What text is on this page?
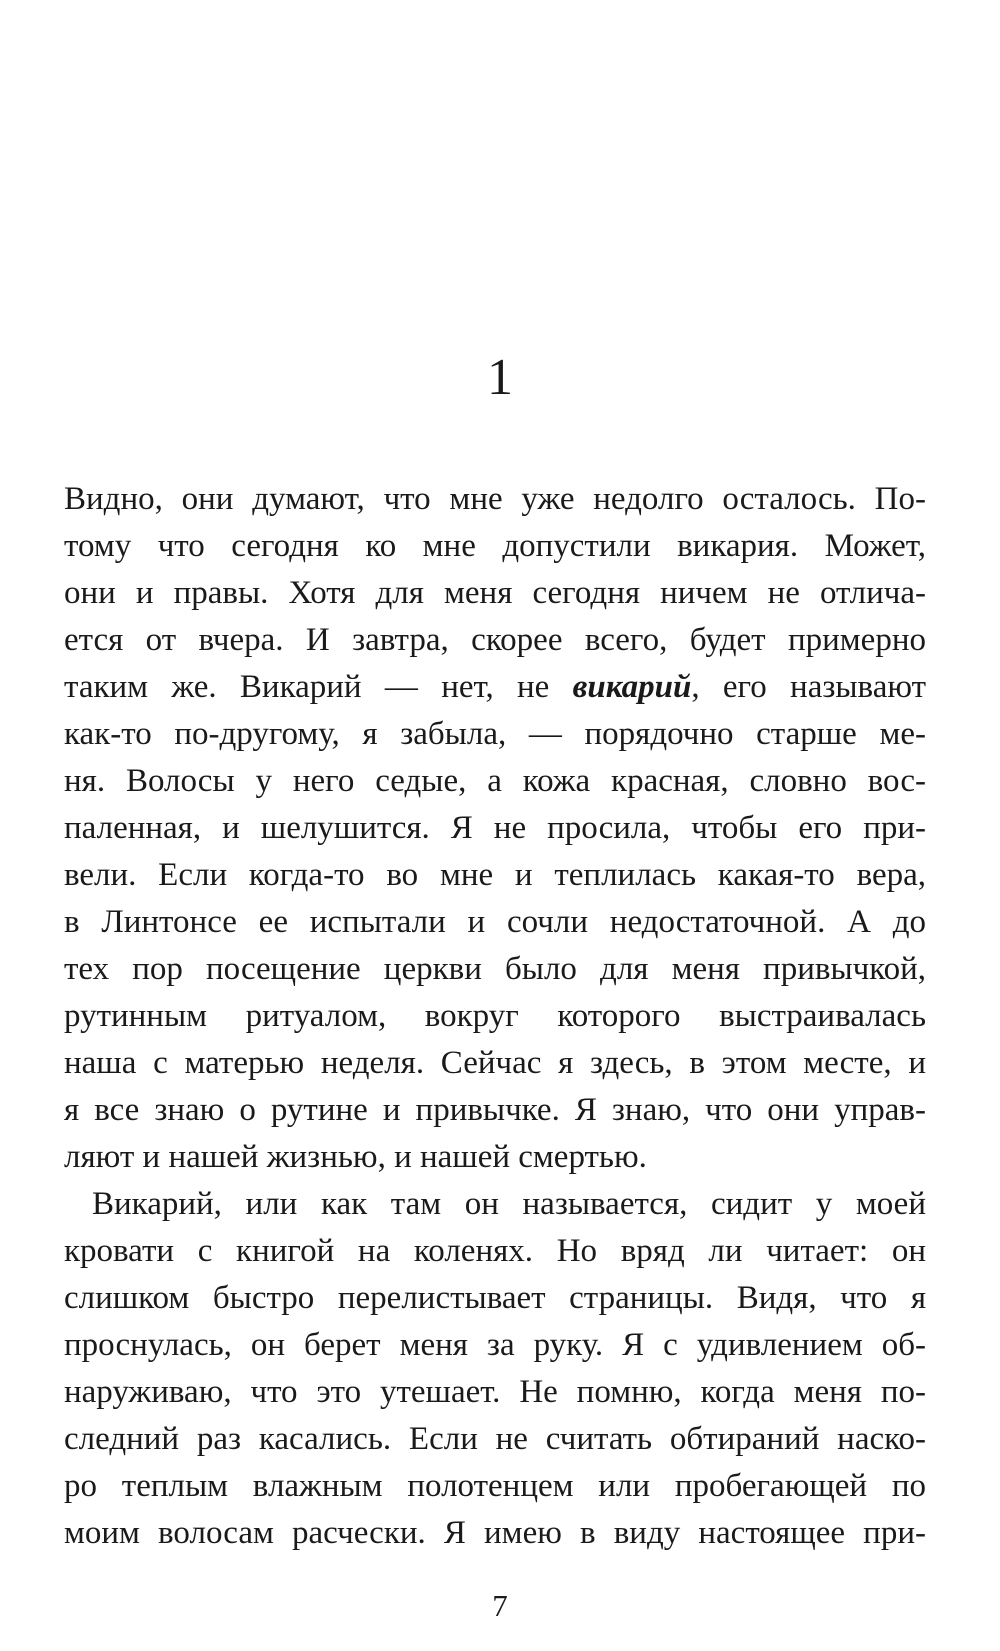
1
Видно, они думают, что мне уже недолго осталось. По-
тому что сегодня ко мне допустили викария. Может,
они и правы. Хотя для меня сегодня ничем не отлича-
ется от вчера. И завтра, скорее всего, будет примерно
таким же. Викарий — нет, не викарий, его называют
как-то по-другому, я забыла, — порядочно старше ме-
ня. Волосы у него седые, а кожа красная, словно вос-
паленная, и шелушится. Я не просила, чтобы его при-
вели. Если когда-то во мне и теплилась какая-то вера,
в Линтонсе ее испытали и сочли недостаточной. А до
тех пор посещение церкви было для меня привычкой,
рутинным ритуалом, вокруг которого выстраивалась
наша с матерью неделя. Сейчас я здесь, в этом месте, и
я все знаю о рутине и привычке. Я знаю, что они управ-
ляют и нашей жизнью, и нашей смертью.
Викарий, или как там он называется, сидит у моей
кровати с книгой на коленях. Но вряд ли читает: он
слишком быстро перелистывает страницы. Видя, что я
проснулась, он берет меня за руку. Я с удивлением об-
наруживаю, что это утешает. Не помню, когда меня по-
следний раз касались. Если не считать обтираний наско-
ро теплым влажным полотенцем или пробегающей по
моим волосам расчески. Я имею в виду настоящее при-
7
